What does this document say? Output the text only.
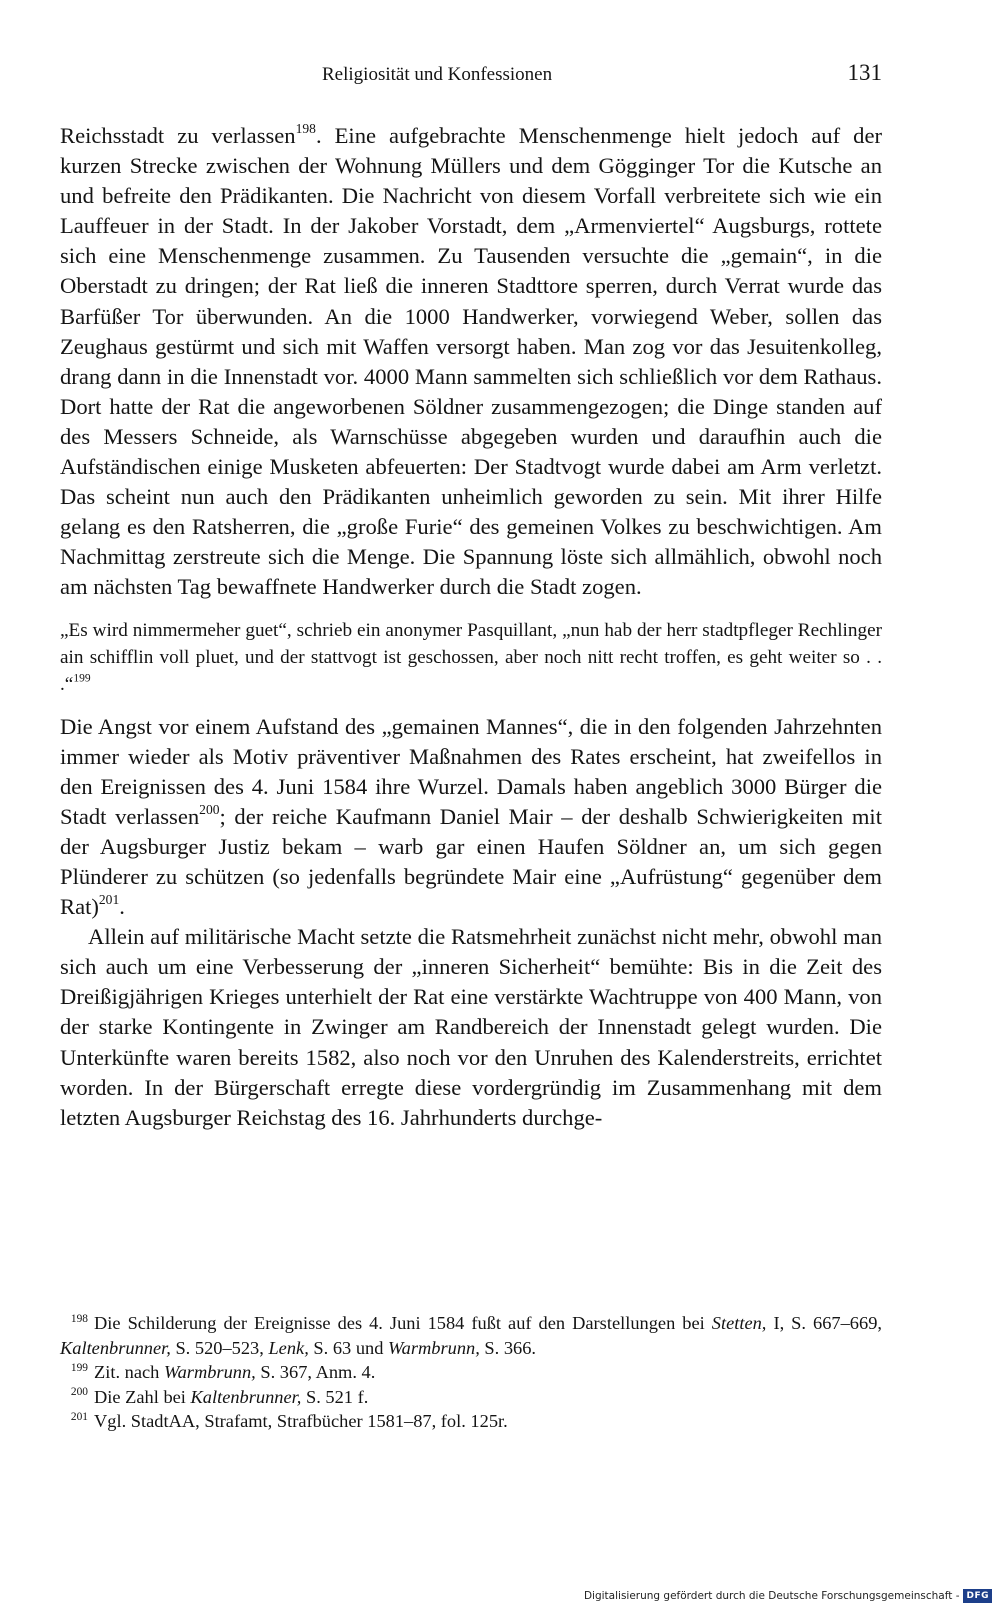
Religiosität und Konfessionen	131

Reichsstadt zu verlassen$^{198}$. Eine aufgebrachte Menschenmenge hielt jedoch auf der kurzen Strecke zwischen der Wohnung Müllers und dem Gögginger Tor die Kutsche an und befreite den Prädikanten. Die Nachricht von diesem Vorfall verbreitete sich wie ein Lauffeuer in der Stadt. In der Jakober Vorstadt, dem „Armenviertel“ Augsburgs, rottete sich eine Menschenmenge zusammen. Zu Tausenden versuchte die „gemain“, in die Oberstadt zu dringen; der Rat ließ die inneren Stadttore sperren, durch Verrat wurde das Barfüßer Tor überwunden. An die 1000 Handwerker, vorwiegend Weber, sollen das Zeughaus gestürmt und sich mit Waffen versorgt haben. Man zog vor das Jesuitenkolleg, drang dann in die Innenstadt vor. 4000 Mann sammelten sich schließlich vor dem Rathaus. Dort hatte der Rat die angeworbenen Söldner zusammengezogen; die Dinge standen auf des Messers Schneide, als Warnschüsse abgegeben wurden und daraufhin auch die Aufständischen einige Musketen abfeuerten: Der Stadtvogt wurde dabei am Arm verletzt. Das scheint nun auch den Prädikanten unheimlich geworden zu sein. Mit ihrer Hilfe gelang es den Ratsherren, die „große Furie“ des gemeinen Volkes zu beschwichtigen. Am Nachmittag zerstreute sich die Menge. Die Spannung löste sich allmählich, obwohl noch am nächsten Tag bewaffnete Handwerker durch die Stadt zogen.

„Es wird nimmermeher guet“, schrieb ein anonymer Pasquillant, „nun hab der herr stadtpfleger Rechlinger ain schifflin voll pluet, und der stattvogt ist geschossen, aber noch nitt recht troffen, es geht weiter so . . .“$^{199}$

Die Angst vor einem Aufstand des „gemainen Mannes“, die in den folgenden Jahrzehnten immer wieder als Motiv präventiver Maßnahmen des Rates erscheint, hat zweifellos in den Ereignissen des 4. Juni 1584 ihre Wurzel. Damals haben angeblich 3000 Bürger die Stadt verlassen$^{200}$; der reiche Kaufmann Daniel Mair – der deshalb Schwierigkeiten mit der Augsburger Justiz bekam – warb gar einen Haufen Söldner an, um sich gegen Plünderer zu schützen (so jedenfalls begründete Mair eine „Aufrüstung“ gegenüber dem Rat)$^{201}$.

Allein auf militärische Macht setzte die Ratsmehrheit zunächst nicht mehr, obwohl man sich auch um eine Verbesserung der „inneren Sicherheit“ bemühte: Bis in die Zeit des Dreißigjährigen Krieges unterhielt der Rat eine verstärkte Wachtruppe von 400 Mann, von der starke Kontingente in Zwinger am Randbereich der Innenstadt gelegt wurden. Die Unterkünfte waren bereits 1582, also noch vor den Unruhen des Kalenderstreits, errichtet worden. In der Bürgerschaft erregte diese vordergründig im Zusammenhang mit dem letzten Augsburger Reichstag des 16. Jahrhunderts durchge-

198 Die Schilderung der Ereignisse des 4. Juni 1584 fußt auf den Darstellungen bei Stetten, I, S. 667–669, Kaltenbrunner, S. 520–523, Lenk, S. 63 und Warmbrunn, S. 366.

199 Zit. nach Warmbrunn, S. 367, Anm. 4.

200 Die Zahl bei Kaltenbrunner, S. 521 f.

201 Vgl. StadtAA, Strafamt, Strafbücher 1581–87, fol. 125r.

Digitalisierung gefördert durch die Deutsche Forschungsgemeinschaft - DFG
